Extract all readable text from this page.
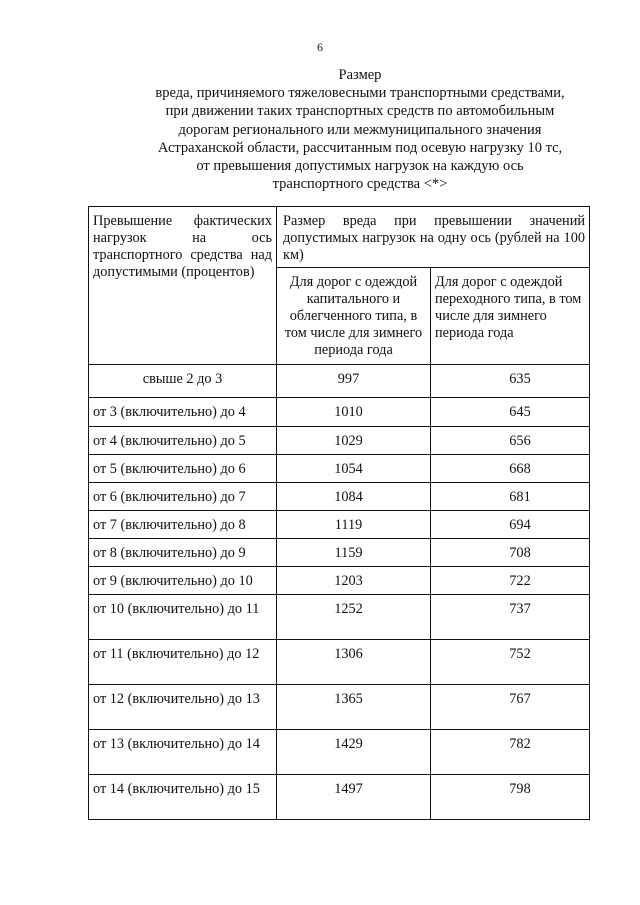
6
Размер
вреда, причиняемого тяжеловесными транспортными средствами,
при движении таких транспортных средств по автомобильным
дорогам регионального или межмуниципального значения
Астраханской области, рассчитанным под осевую нагрузку 10 тс,
от превышения допустимых нагрузок на каждую ось
транспортного средства <*>
Превышение фактических нагрузок на ось транспортного средства над допустимыми (процентов)	Размер вреда при превышении значений допустимых нагрузок на одну ось (рублей на 100 км)	
	Для дорог с одеждой капитального и облегченного типа, в том числе для зимнего периода года	Для дорог с одеждой переходного типа, в том числе для зимнего периода года
свыше 2 до 3	997	635
от 3 (включительно) до 4	1010	645
от 4 (включительно) до 5	1029	656
от 5 (включительно) до 6	1054	668
от 6 (включительно) до 7	1084	681
от 7 (включительно) до 8	1119	694
от 8 (включительно) до 9	1159	708
от 9 (включительно) до 10	1203	722
от 10 (включительно) до 11	1252	737
от 11 (включительно) до 12	1306	752
от 12 (включительно) до 13	1365	767
от 13 (включительно) до 14	1429	782
от 14 (включительно) до 15	1497	798
